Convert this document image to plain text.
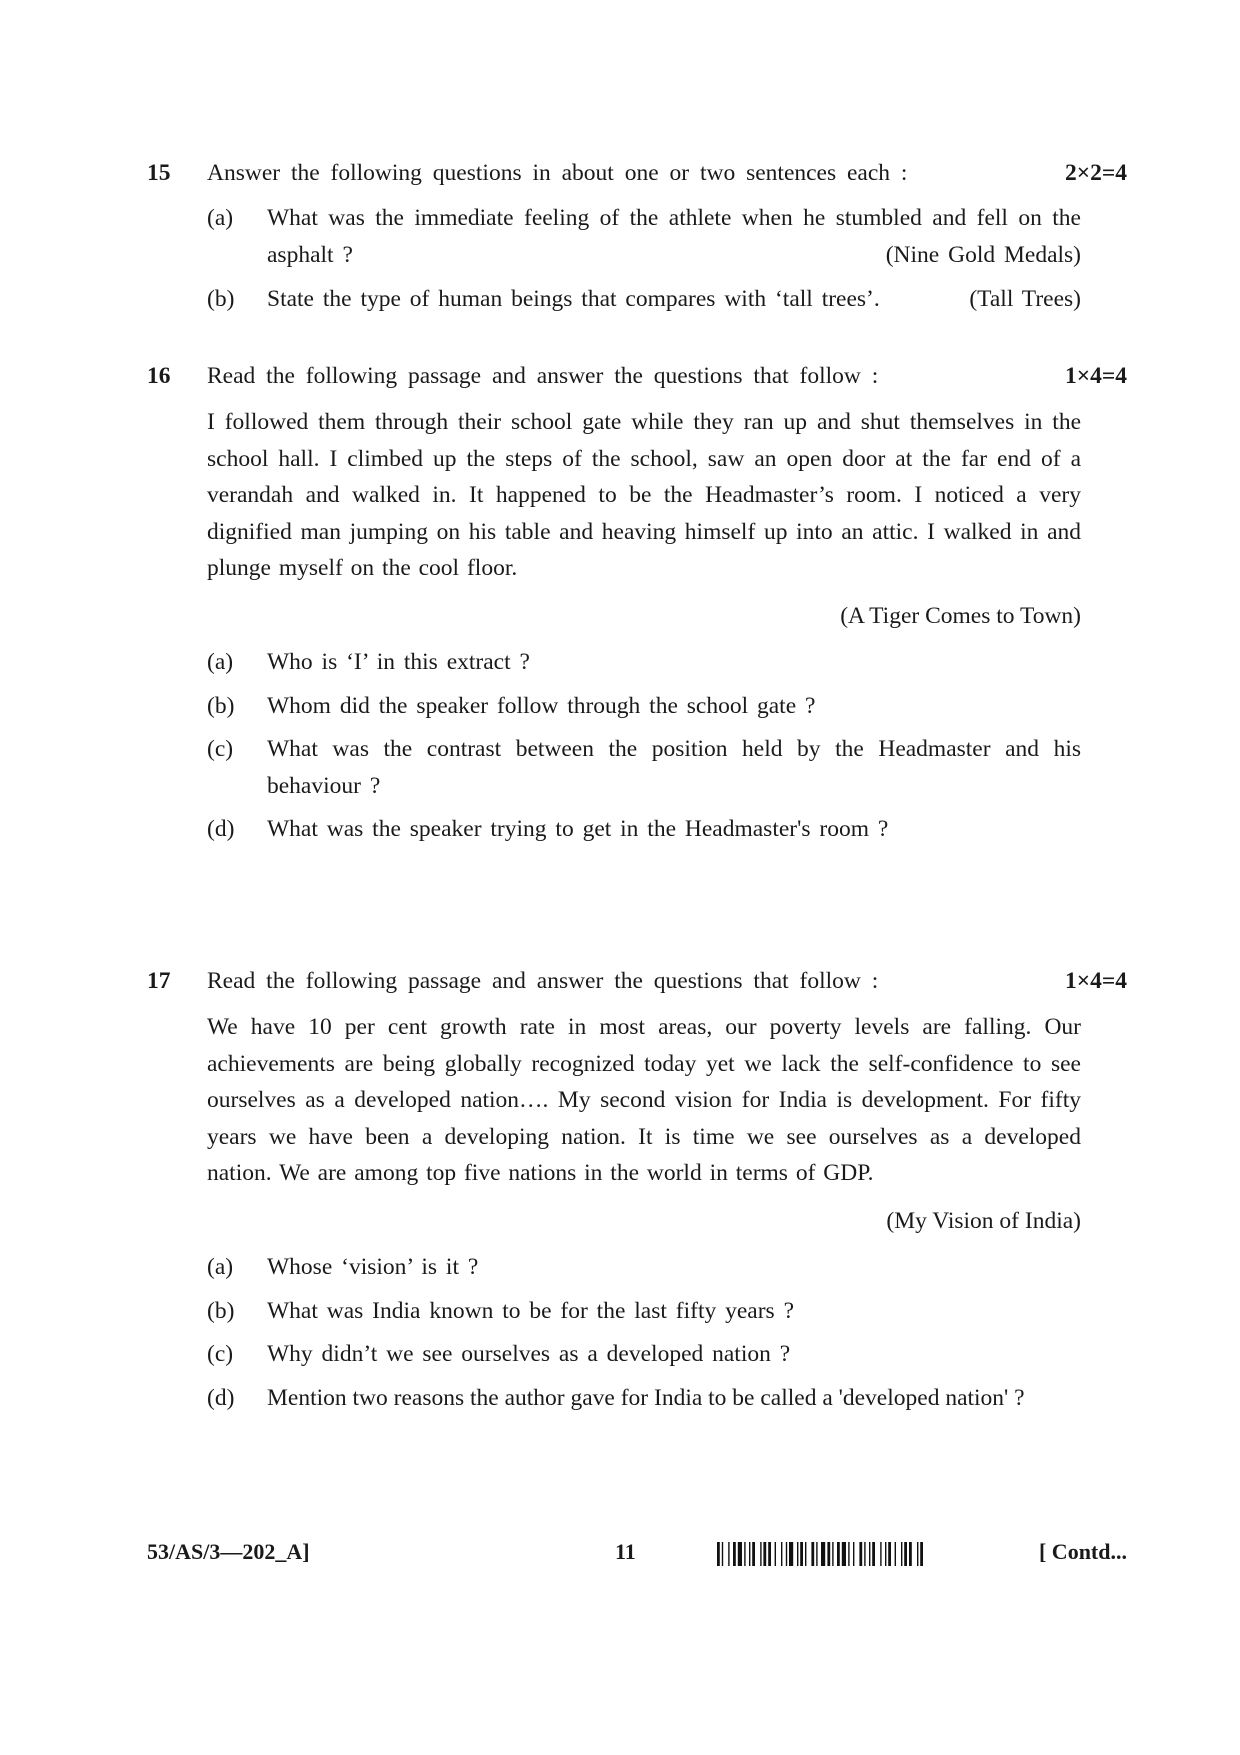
15 Answer the following questions in about one or two sentences each :	2×2=4
(a) What was the immediate feeling of the athlete when he stumbled and fell on the asphalt ?	(Nine Gold Medals)
(b) State the type of human beings that compares with ‘tall trees’.	(Tall Trees)
16 Read the following passage and answer the questions that follow :	1×4=4
I followed them through their school gate while they ran up and shut themselves in the school hall. I climbed up the steps of the school, saw an open door at the far end of a verandah and walked in. It happened to be the Headmaster’s room. I noticed a very dignified man jumping on his table and heaving himself up into an attic. I walked in and plunge myself on the cool floor.
(A Tiger Comes to Town)
(a) Who is ‘I’ in this extract ?
(b) Whom did the speaker follow through the school gate ?
(c) What was the contrast between the position held by the Headmaster and his behaviour ?
(d) What was the speaker trying to get in the Headmaster's room ?
17 Read the following passage and answer the questions that follow :	1×4=4
We have 10 per cent growth rate in most areas, our poverty levels are falling. Our achievements are being globally recognized today yet we lack the self-confidence to see ourselves as a developed nation…. My second vision for India is development. For fifty years we have been a developing nation. It is time we see ourselves as a developed nation. We are among top five nations in the world in terms of GDP.
(My Vision of India)
(a) Whose ‘vision’ is it ?
(b) What was India known to be for the last fifty years ?
(c) Why didn’t we see ourselves as a developed nation ?
(d) Mention two reasons the author gave for India to be called a 'developed nation' ?
53/AS/3—202_A]	11	[ Contd...
